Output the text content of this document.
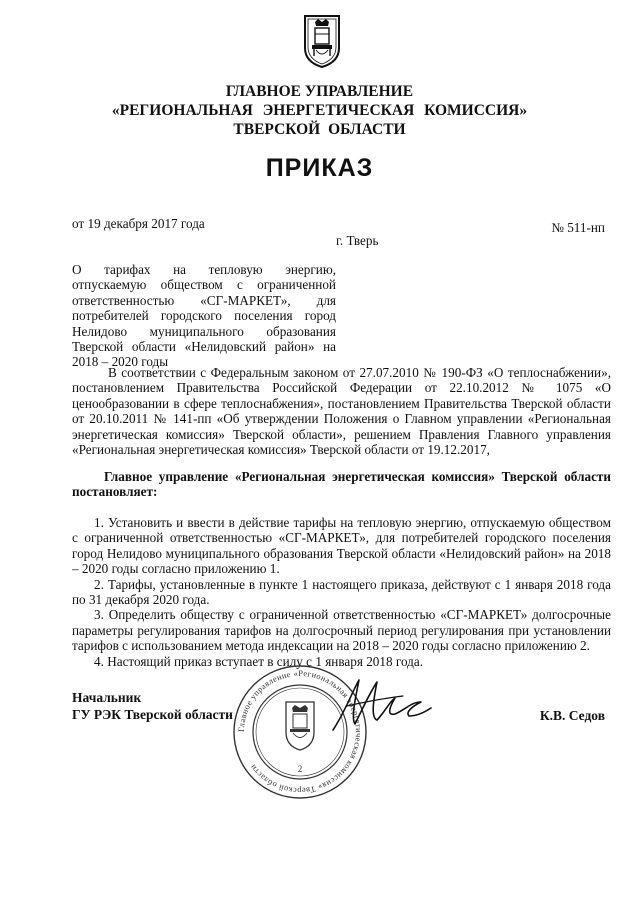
ГЛАВНОЕ УПРАВЛЕНИЕ
«РЕГИОНАЛЬНАЯ ЭНЕРГЕТИЧЕСКАЯ КОМИССИЯ»
ТВЕРСКОЙ ОБЛАСТИ
ПРИКАЗ
от 19 декабря 2017 года	№ 511-нп
г. Тверь
О тарифах на тепловую энергию, отпускаемую обществом с ограниченной ответственностью «СГ-МАРКЕТ», для потребителей городского поселения город Нелидово муниципального образования Тверской области «Нелидовский район» на 2018 – 2020 годы
В соответствии с Федеральным законом от 27.07.2010 № 190-ФЗ «О теплоснабжении», постановлением Правительства Российской Федерации от 22.10.2012 № 1075 «О ценообразовании в сфере теплоснабжения», постановлением Правительства Тверской области от 20.10.2011 № 141-пп «Об утверждении Положения о Главном управлении «Региональная энергетическая комиссия» Тверской области», решением Правления Главного управления «Региональная энергетическая комиссия» Тверской области от 19.12.2017,
Главное управление «Региональная энергетическая комиссия» Тверской области постановляет:
1. Установить и ввести в действие тарифы на тепловую энергию, отпускаемую обществом с ограниченной ответственностью «СГ-МАРКЕТ», для потребителей городского поселения город Нелидово муниципального образования Тверской области «Нелидовский район» на 2018 – 2020 годы согласно приложению 1.
2. Тарифы, установленные в пункте 1 настоящего приказа, действуют с 1 января 2018 года по 31 декабря 2020 года.
3. Определить обществу с ограниченной ответственностью «СГ-МАРКЕТ» долгосрочные параметры регулирования тарифов на долгосрочный период регулирования при установлении тарифов с использованием метода индексации на 2018 – 2020 годы согласно приложению 2.
4. Настоящий приказ вступает в силу с 1 января 2018 года.
Начальник
ГУ РЭК Тверской области
Главное управление «Региональная энергетическая комиссия» Тверской области	2
К.В. Седов
